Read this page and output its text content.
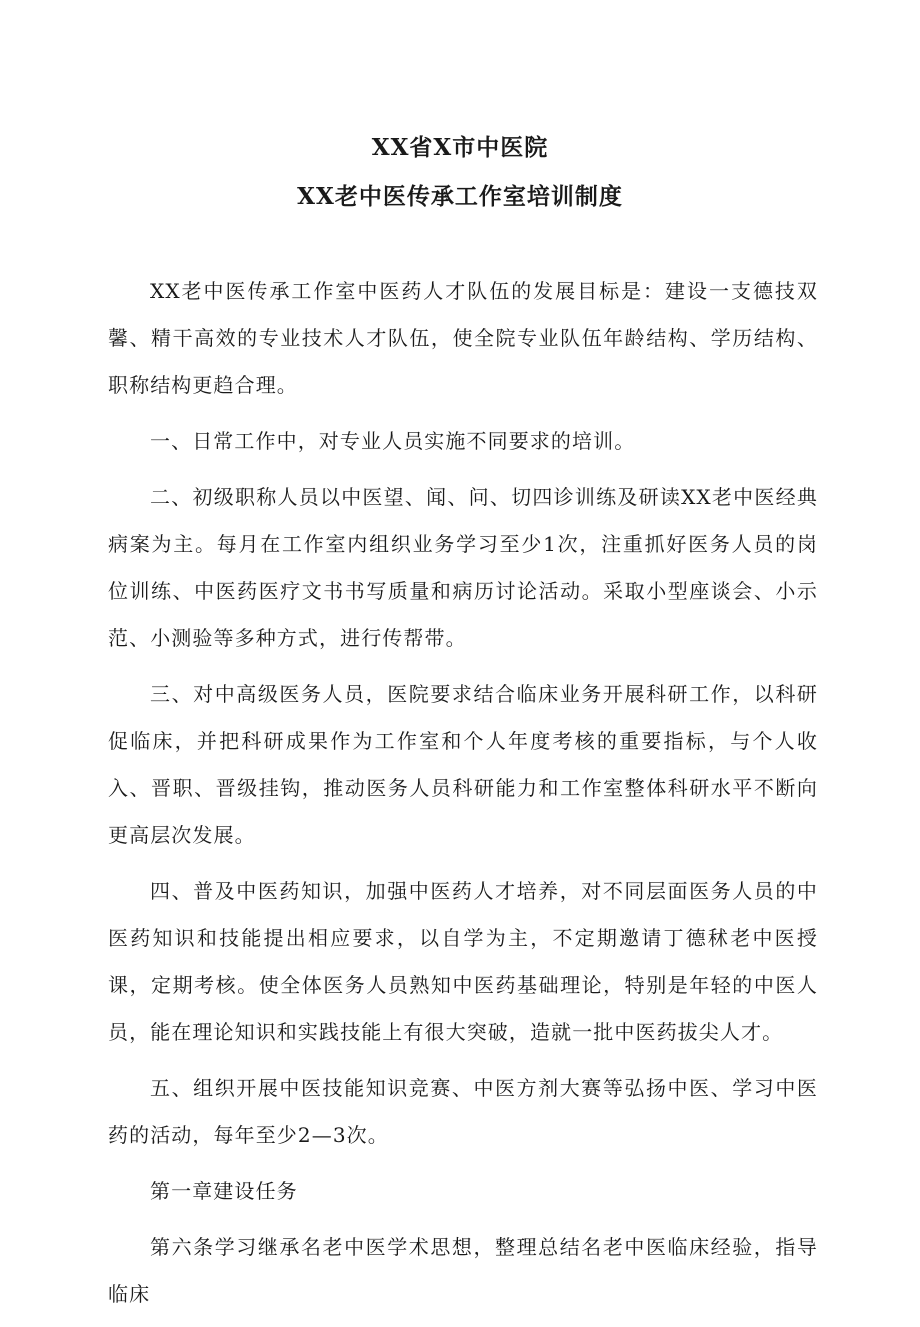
XX省X市中医院
XX老中医传承工作室培训制度

XX老中医传承工作室中医药人才队伍的发展目标是：建设一支德技双馨、精干高效的专业技术人才队伍，使全院专业队伍年龄结构、学历结构、职称结构更趋合理。

一、日常工作中，对专业人员实施不同要求的培训。

二、初级职称人员以中医望、闻、问、切四诊训练及研读XX老中医经典病案为主。每月在工作室内组织业务学习至少1次，注重抓好医务人员的岗位训练、中医药医疗文书书写质量和病历讨论活动。采取小型座谈会、小示范、小测验等多种方式，进行传帮带。

三、对中高级医务人员，医院要求结合临床业务开展科研工作，以科研促临床，并把科研成果作为工作室和个人年度考核的重要指标，与个人收入、晋职、晋级挂钩，推动医务人员科研能力和工作室整体科研水平不断向更高层次发展。

四、普及中医药知识，加强中医药人才培养，对不同层面医务人员的中医药知识和技能提出相应要求，以自学为主，不定期邀请丁德秫老中医授课，定期考核。使全体医务人员熟知中医药基础理论，特别是年轻的中医人员，能在理论知识和实践技能上有很大突破，造就一批中医药拔尖人才。

五、组织开展中医技能知识竞赛、中医方剂大赛等弘扬中医、学习中医药的活动，每年至少2—3次。

第一章建设任务

第六条学习继承名老中医学术思想，整理总结名老中医临床经验，指导临床
